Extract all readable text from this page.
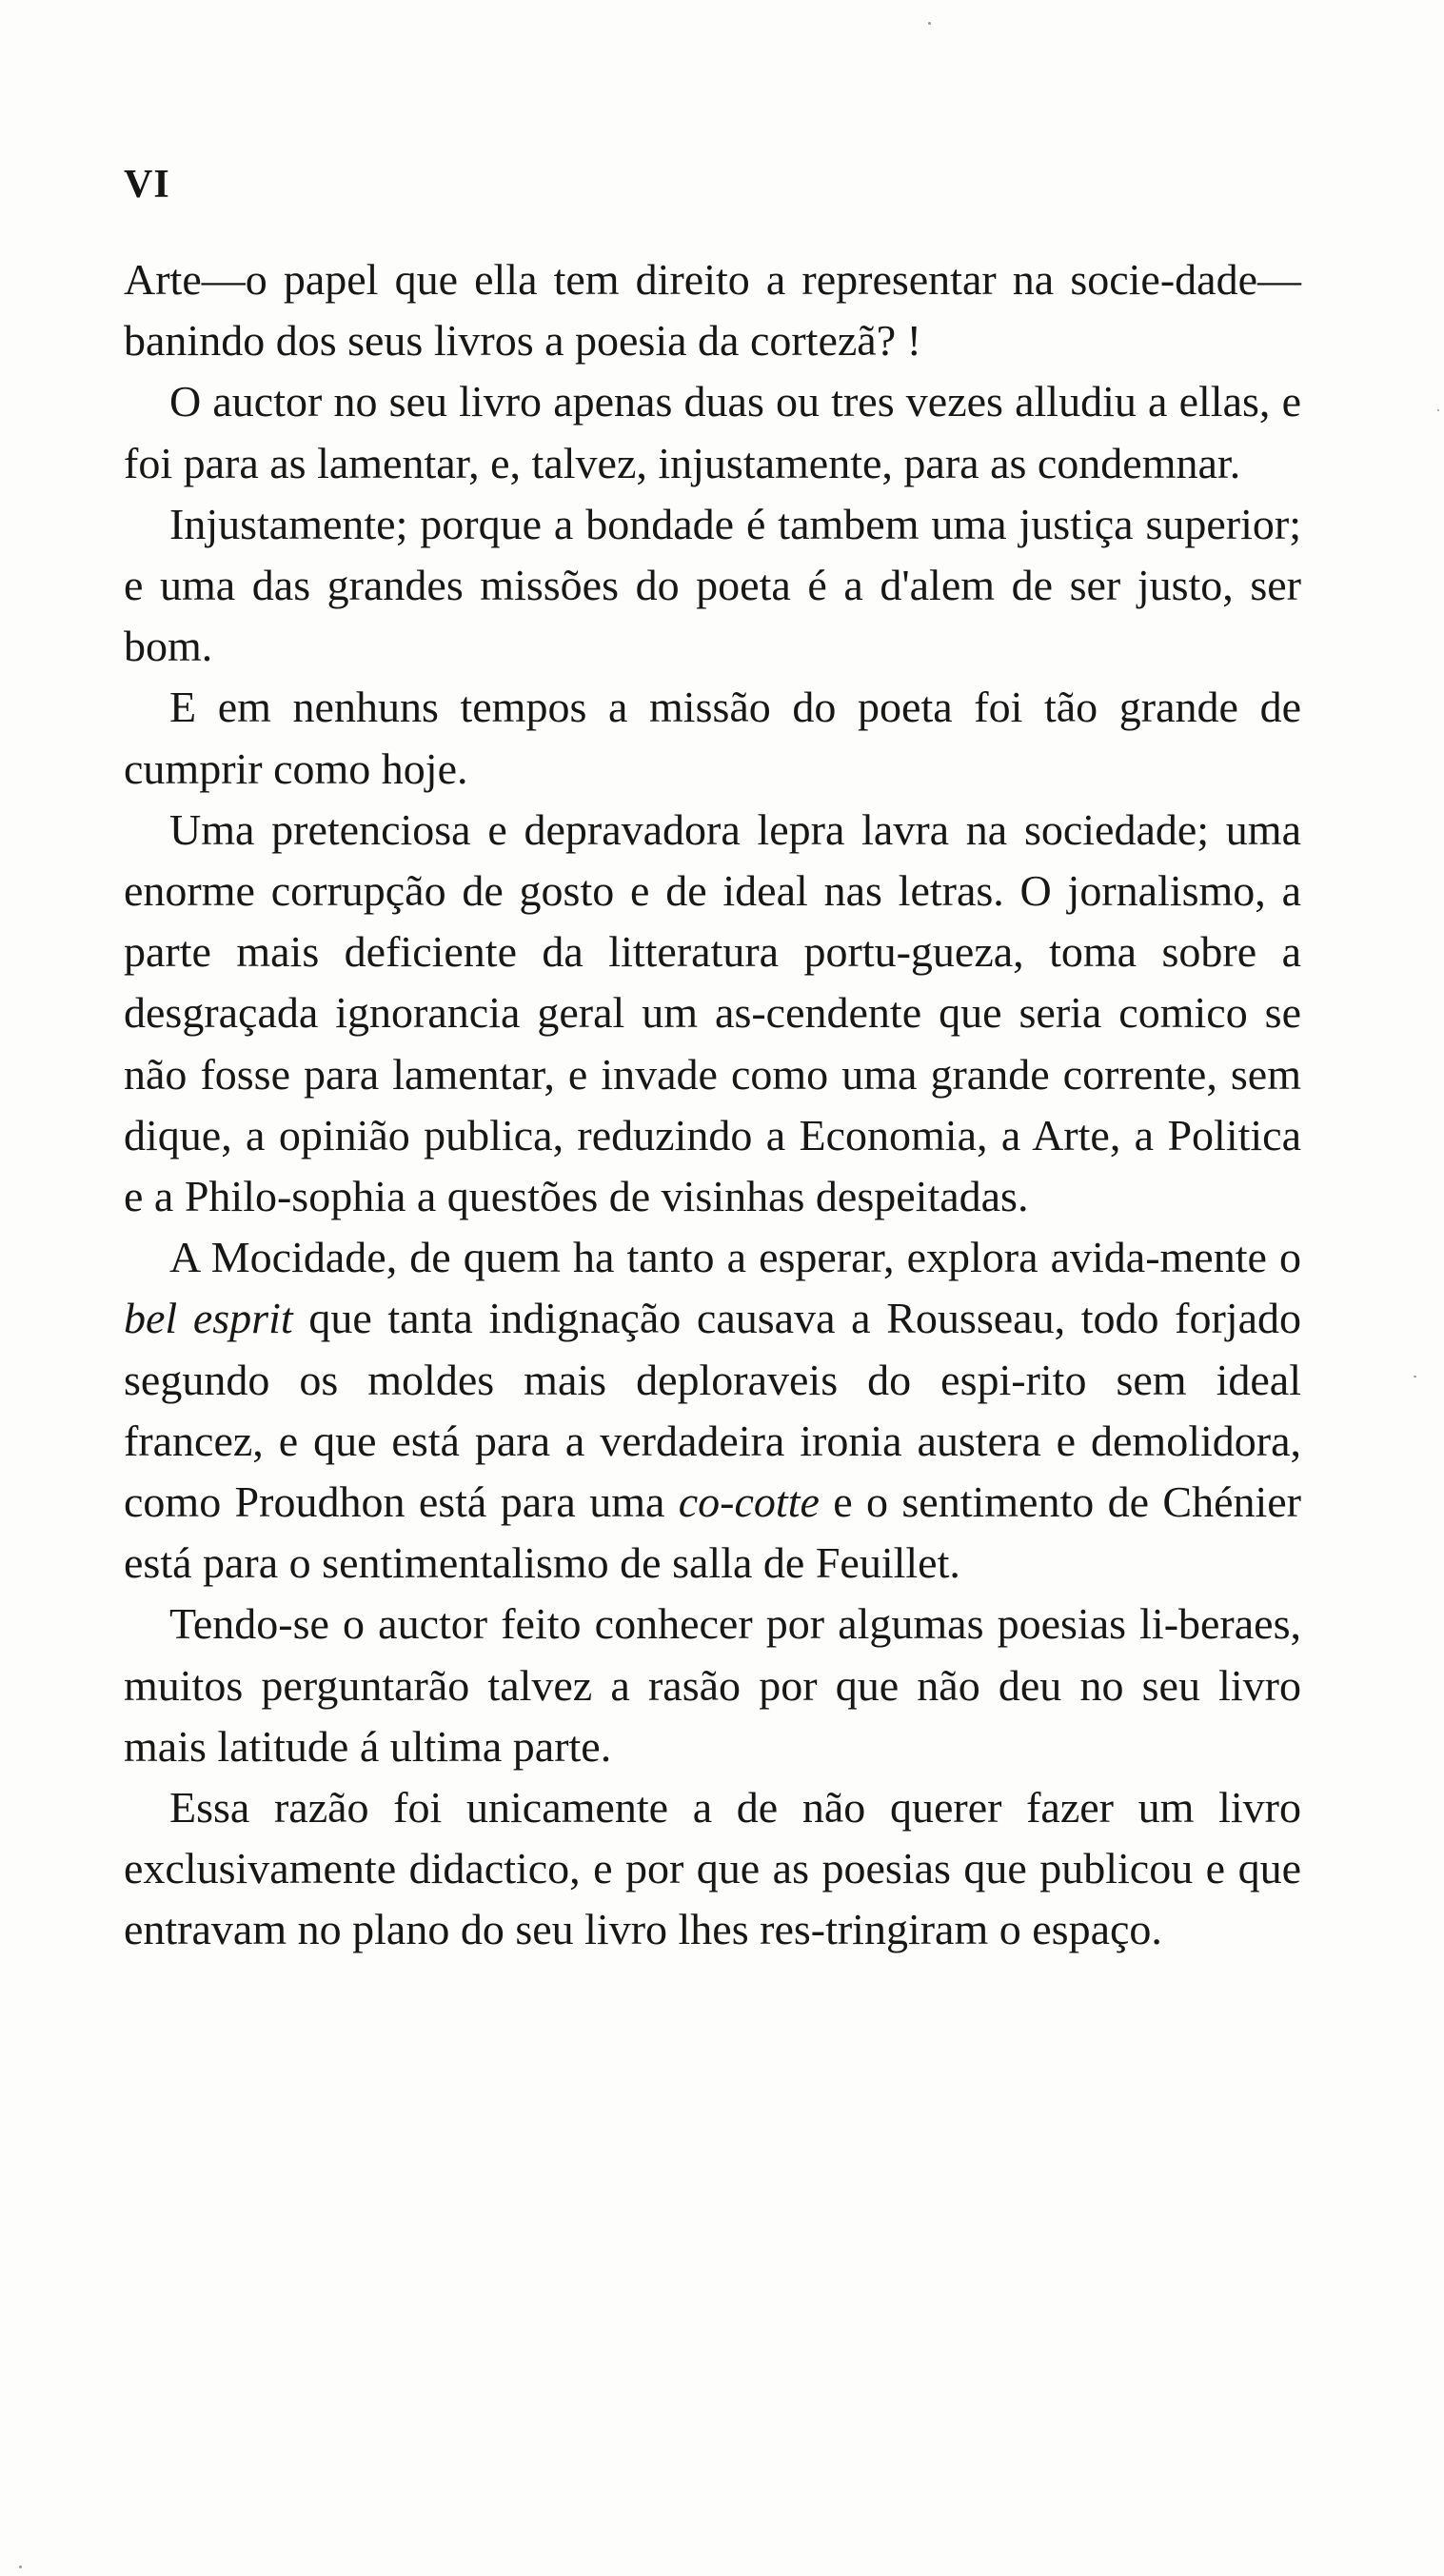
VI

Arte—o papel que ella tem direito a representar na socie-dade—banindo dos seus livros a poesia da cortezã? !

O auctor no seu livro apenas duas ou tres vezes alludiu a ellas, e foi para as lamentar, e, talvez, injustamente, para as condemnar.

Injustamente; porque a bondade é tambem uma justiça superior; e uma das grandes missões do poeta é a d'alem de ser justo, ser bom.

E em nenhuns tempos a missão do poeta foi tão grande de cumprir como hoje.

Uma pretenciosa e depravadora lepra lavra na sociedade; uma enorme corrupção de gosto e de ideal nas letras. O jornalismo, a parte mais deficiente da litteratura portu-gueza, toma sobre a desgraçada ignorancia geral um as-cendente que seria comico se não fosse para lamentar, e invade como uma grande corrente, sem dique, a opinião publica, reduzindo a Economia, a Arte, a Politica e a Philo-sophia a questões de visinhas despeitadas.

A Mocidade, de quem ha tanto a esperar, explora avida-mente o bel esprit que tanta indignação causava a Rousseau, todo forjado segundo os moldes mais deploraveis do espi-rito sem ideal francez, e que está para a verdadeira ironia austera e demolidora, como Proudhon está para uma co-cotte e o sentimento de Chénier está para o sentimentalismo de salla de Feuillet.

Tendo-se o auctor feito conhecer por algumas poesias li-beraes, muitos perguntarão talvez a rasão por que não deu no seu livro mais latitude á ultima parte.

Essa razão foi unicamente a de não querer fazer um livro exclusivamente didactico, e por que as poesias que publicou e que entravam no plano do seu livro lhes res-tringiram o espaço.
